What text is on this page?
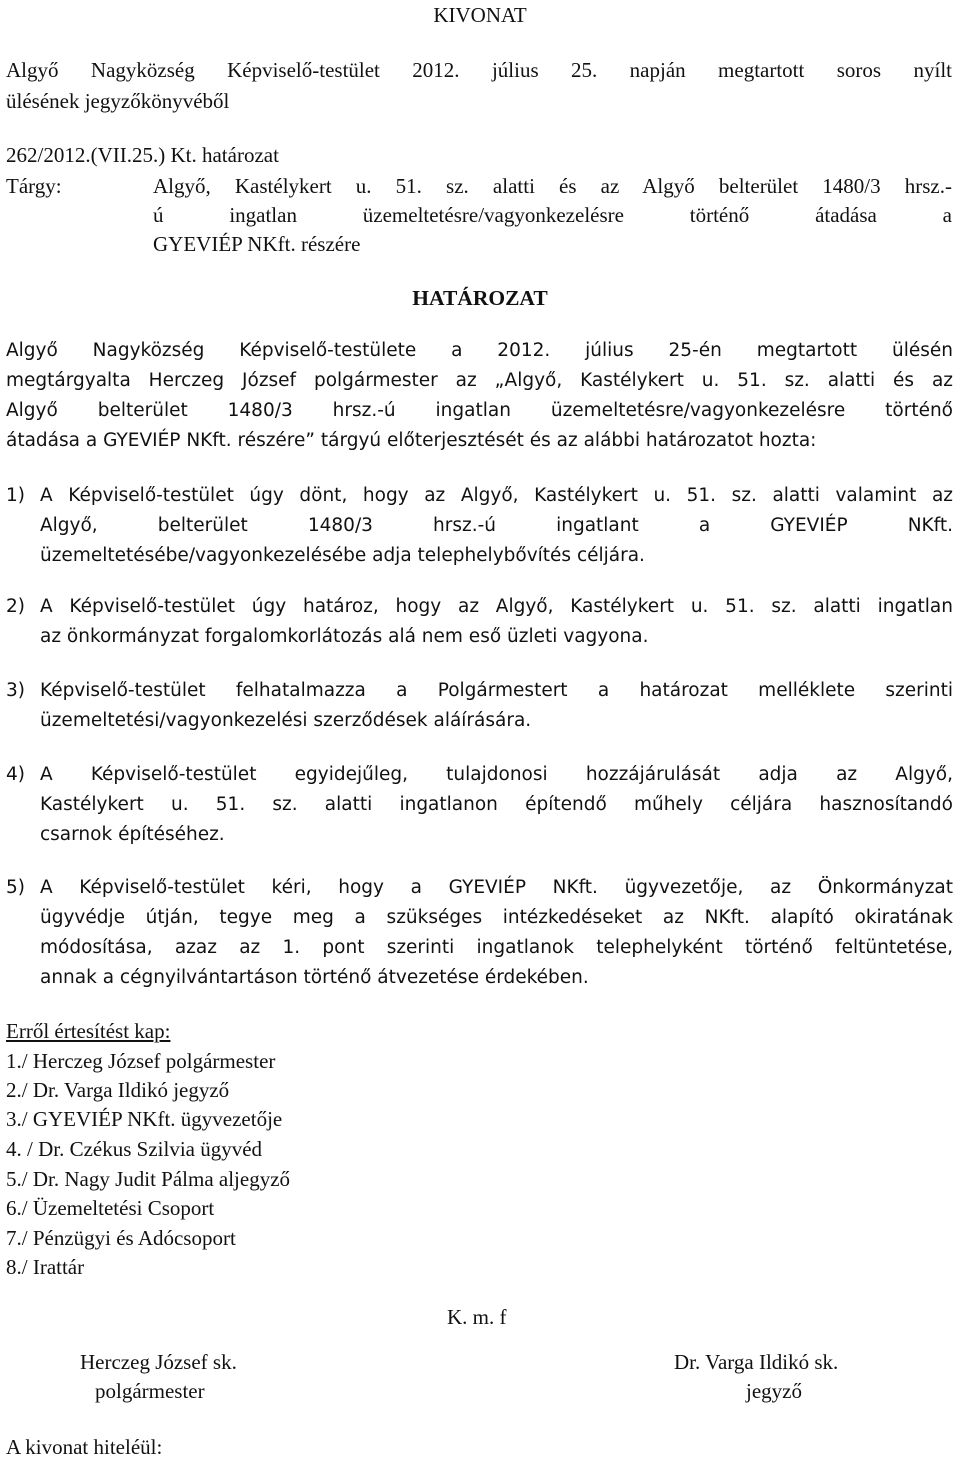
KIVONAT
Algyő Nagyközség Képviselő-testület 2012. július 25. napján megtartott soros nyílt
ülésének jegyzőkönyvéből
262/2012.(VII.25.) Kt. határozat
Tárgy:	Algyő, Kastélykert u. 51. sz. alatti és az Algyő belterület 1480/3 hrsz.-
ú ingatlan üzemeltetésre/vagyonkezelésre történő átadása a
GYEVIÉP NKft. részére
HATÁROZAT
Algyő Nagyközség Képviselő-testülete a 2012. július 25-én megtartott ülésén
megtárgyalta Herczeg József polgármester az „Algyő, Kastélykert u. 51. sz. alatti és az
Algyő belterület 1480/3 hrsz.-ú ingatlan üzemeltetésre/vagyonkezelésre történő
átadása a GYEVIÉP NKft. részére” tárgyú előterjesztését és az alábbi határozatot hozta:
1) A Képviselő-testület úgy dönt, hogy az Algyő, Kastélykert u. 51. sz. alatti valamint az
Algyő, belterület 1480/3 hrsz.-ú ingatlant a GYEVIÉP NKft.
üzemeltetésébe/vagyonkezelésébe adja telephelybővítés céljára.
2) A Képviselő-testület úgy határoz, hogy az Algyő, Kastélykert u. 51. sz. alatti ingatlan
az önkormányzat forgalomkorlátozás alá nem eső üzleti vagyona.
3) Képviselő-testület felhatalmazza a Polgármestert a határozat melléklete szerinti
üzemeltetési/vagyonkezelési szerződések aláírására.
4) A Képviselő-testület egyidejűleg, tulajdonosi hozzájárulását adja az Algyő,
Kastélykert u. 51. sz. alatti ingatlanon építendő műhely céljára hasznosítandó
csarnok építéséhez.
5) A Képviselő-testület kéri, hogy a GYEVIÉP NKft. ügyvezetője, az Önkormányzat
ügyvédje útján, tegye meg a szükséges intézkedéseket az NKft. alapító okiratának
módosítása, azaz az 1. pont szerinti ingatlanok telephelyként történő feltüntetése,
annak a cégnyilvántartáson történő átvezetése érdekében.
Erről értesítést kap:
1./ Herczeg József polgármester
2./ Dr. Varga Ildikó jegyző
3./ GYEVIÉP NKft. ügyvezetője
4. / Dr. Czékus Szilvia ügyvéd
5./ Dr. Nagy Judit Pálma aljegyző
6./ Üzemeltetési Csoport
7./ Pénzügyi és Adócsoport
8./ Irattár
K. m. f
Herczeg József sk.
polgármester
Dr. Varga Ildikó sk.
jegyző
A kivonat hiteléül:
